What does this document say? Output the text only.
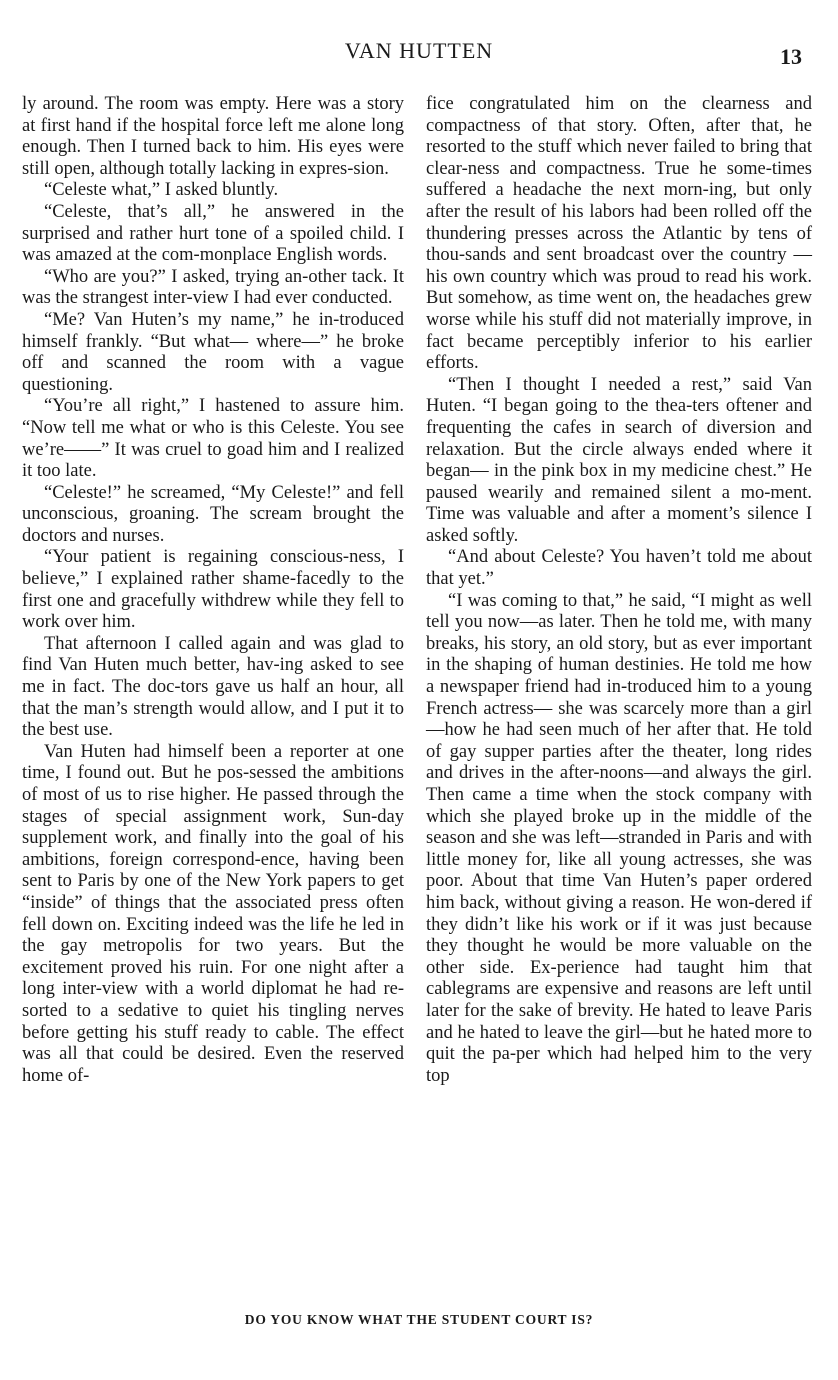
VAN HUTTEN	13

ly around. The room was empty. Here was a story at first hand if the hospital force left me alone long enough. Then I turned back to him. His eyes were still open, although totally lacking in expres-sion.

“Celeste what,” I asked bluntly.

“Celeste, that’s all,” he answered in the surprised and rather hurt tone of a spoiled child. I was amazed at the com-monplace English words.

“Who are you?” I asked, trying an-other tack. It was the strangest inter-view I had ever conducted.

“Me? Van Huten’s my name,” he in-troduced himself frankly. “But what— where—” he broke off and scanned the room with a vague questioning.

“You’re all right,” I hastened to assure him. “Now tell me what or who is this Celeste. You see we’re——” It was cruel to goad him and I realized it too late.

“Celeste!” he screamed, “My Celeste!” and fell unconscious, groaning. The scream brought the doctors and nurses.

“Your patient is regaining conscious-ness, I believe,” I explained rather shame-facedly to the first one and gracefully withdrew while they fell to work over him.

That afternoon I called again and was glad to find Van Huten much better, hav-ing asked to see me in fact. The doc-tors gave us half an hour, all that the man’s strength would allow, and I put it to the best use.

Van Huten had himself been a reporter at one time, I found out. But he pos-sessed the ambitions of most of us to rise higher. He passed through the stages of special assignment work, Sun-day supplement work, and finally into the goal of his ambitions, foreign correspond-ence, having been sent to Paris by one of the New York papers to get “inside” of things that the associated press often fell down on. Exciting indeed was the life he led in the gay metropolis for two years. But the excitement proved his ruin. For one night after a long inter-view with a world diplomat he had re-sorted to a sedative to quiet his tingling nerves before getting his stuff ready to cable. The effect was all that could be desired. Even the reserved home of-

fice congratulated him on the clearness and compactness of that story. Often, after that, he resorted to the stuff which never failed to bring that clear-ness and compactness. True he some-times suffered a headache the next morn-ing, but only after the result of his labors had been rolled off the thundering presses across the Atlantic by tens of thou-sands and sent broadcast over the country —his own country which was proud to read his work. But somehow, as time went on, the headaches grew worse while his stuff did not materially improve, in fact became perceptibly inferior to his earlier efforts.

“Then I thought I needed a rest,” said Van Huten. “I began going to the thea-ters oftener and frequenting the cafes in search of diversion and relaxation. But the circle always ended where it began— in the pink box in my medicine chest.” He paused wearily and remained silent a mo-ment. Time was valuable and after a moment’s silence I asked softly.

“And about Celeste? You haven’t told me about that yet.”

“I was coming to that,” he said, “I might as well tell you now—as later. Then he told me, with many breaks, his story, an old story, but as ever important in the shaping of human destinies. He told me how a newspaper friend had in-troduced him to a young French actress— she was scarcely more than a girl—how he had seen much of her after that. He told of gay supper parties after the theater, long rides and drives in the after-noons—and always the girl. Then came a time when the stock company with which she played broke up in the middle of the season and she was left—stranded in Paris and with little money for, like all young actresses, she was poor. About that time Van Huten’s paper ordered him back, without giving a reason. He won-dered if they didn’t like his work or if it was just because they thought he would be more valuable on the other side. Ex-perience had taught him that cablegrams are expensive and reasons are left until later for the sake of brevity. He hated to leave Paris and he hated to leave the girl—but he hated more to quit the pa-per which had helped him to the very top

DO YOU KNOW WHAT THE STUDENT COURT IS?
